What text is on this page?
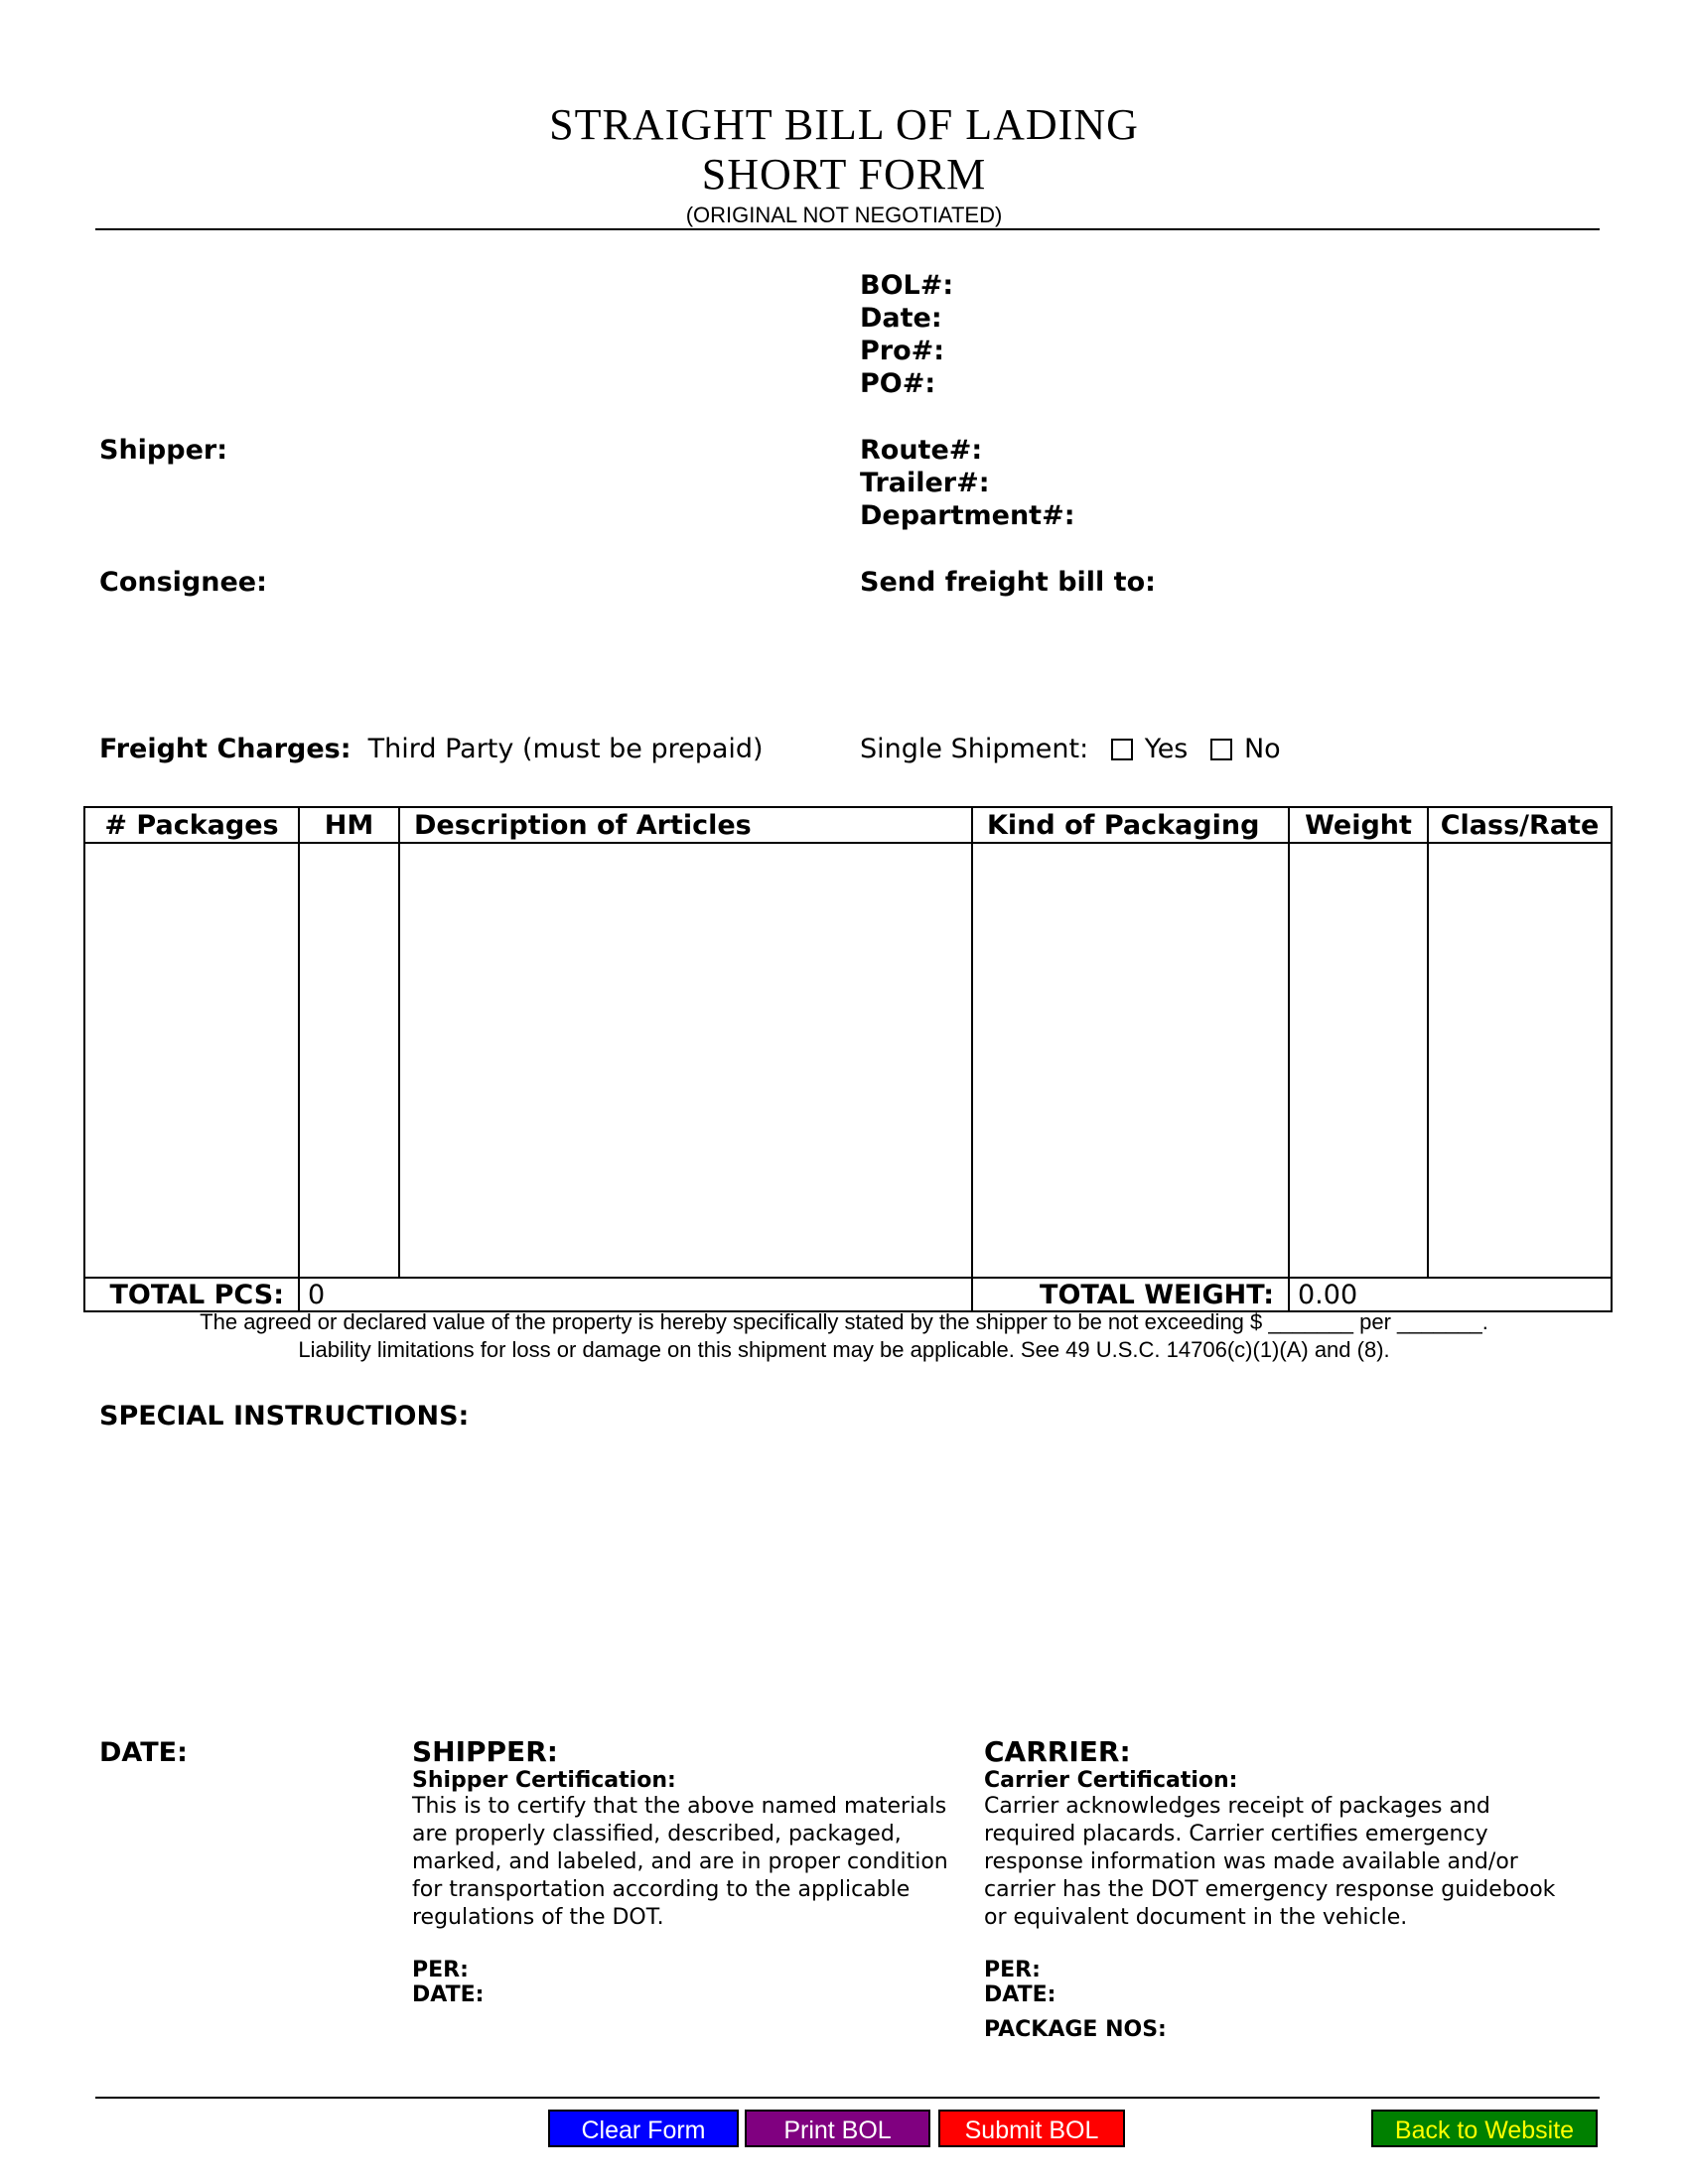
STRAIGHT BILL OF LADING
SHORT FORM
(ORIGINAL NOT NEGOTIATED)
BOL#:
Date:
Pro#:
PO#:
Shipper:	Route#:
Trailer#:
Department#:
Consignee:	Send freight bill to:
Freight Charges: Third Party (must be prepaid)	Single Shipment: Yes No
# Packages	HM	Description of Articles	Kind of Packaging	Weight	Class/Rate

TOTAL PCS:	0		TOTAL WEIGHT:	0.00	
The agreed or declared value of the property is hereby specifically stated by the shipper to be not exceeding $ _______ per _______.
Liability limitations for loss or damage on this shipment may be applicable. See 49 U.S.C. 14706(c)(1)(A) and (8).
SPECIAL INSTRUCTIONS:
DATE:	SHIPPER:
Shipper Certification:
This is to certify that the above named materials are properly classified, described, packaged, marked, and labeled, and are in proper condition for transportation according to the applicable regulations of the DOT.
PER:
DATE:
CARRIER:
Carrier Certification:
Carrier acknowledges receipt of packages and required placards. Carrier certifies emergency response information was made available and/or carrier has the DOT emergency response guidebook or equivalent document in the vehicle.
PER:
DATE:
PACKAGE NOS:
Clear Form	Print BOL	Submit BOL	Back to Website
